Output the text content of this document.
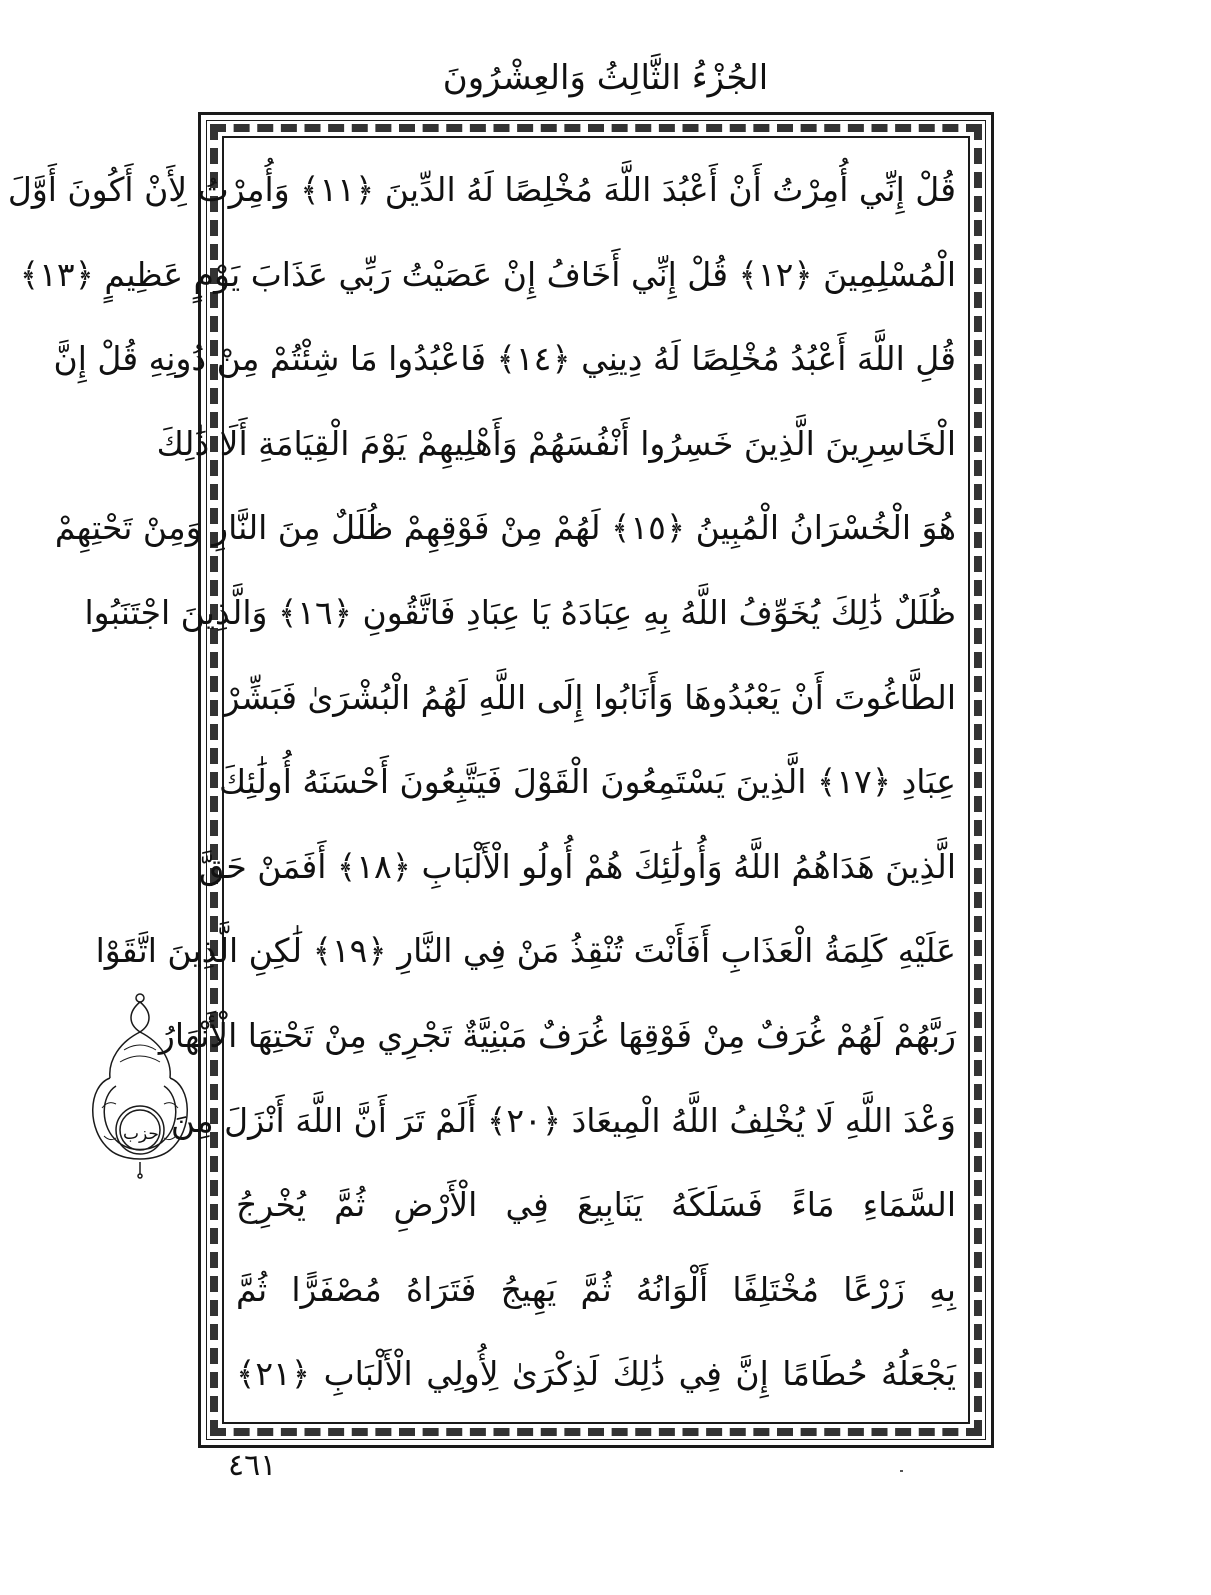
الجُزْءُ الثَّالِثُ وَالعِشْرُونَ
قُلْ إِنِّي أُمِرْتُ أَنْ أَعْبُدَ اللَّهَ مُخْلِصًا لَهُ الدِّينَ ﴿١١﴾ وَأُمِرْتُ لِأَنْ أَكُونَ أَوَّلَ
الْمُسْلِمِينَ ﴿١٢﴾ قُلْ إِنِّي أَخَافُ إِنْ عَصَيْتُ رَبِّي عَذَابَ يَوْمٍ عَظِيمٍ ﴿١٣﴾
قُلِ اللَّهَ أَعْبُدُ مُخْلِصًا لَهُ دِينِي ﴿١٤﴾ فَاعْبُدُوا مَا شِئْتُمْ مِنْ دُونِهِ قُلْ إِنَّ
الْخَاسِرِينَ الَّذِينَ خَسِرُوا أَنْفُسَهُمْ وَأَهْلِيهِمْ يَوْمَ الْقِيَامَةِ أَلَا ذَٰلِكَ
هُوَ الْخُسْرَانُ الْمُبِينُ ﴿١٥﴾ لَهُمْ مِنْ فَوْقِهِمْ ظُلَلٌ مِنَ النَّارِ وَمِنْ تَحْتِهِمْ
ظُلَلٌ ذَٰلِكَ يُخَوِّفُ اللَّهُ بِهِ عِبَادَهُ يَا عِبَادِ فَاتَّقُونِ ﴿١٦﴾ وَالَّذِينَ اجْتَنَبُوا
الطَّاغُوتَ أَنْ يَعْبُدُوهَا وَأَنَابُوا إِلَى اللَّهِ لَهُمُ الْبُشْرَىٰ فَبَشِّرْ
عِبَادِ ﴿١٧﴾ الَّذِينَ يَسْتَمِعُونَ الْقَوْلَ فَيَتَّبِعُونَ أَحْسَنَهُ أُولَٰئِكَ
الَّذِينَ هَدَاهُمُ اللَّهُ وَأُولَٰئِكَ هُمْ أُولُو الْأَلْبَابِ ﴿١٨﴾ أَفَمَنْ حَقَّ
عَلَيْهِ كَلِمَةُ الْعَذَابِ أَفَأَنْتَ تُنْقِذُ مَنْ فِي النَّارِ ﴿١٩﴾ لَٰكِنِ الَّذِينَ اتَّقَوْا
رَبَّهُمْ لَهُمْ غُرَفٌ مِنْ فَوْقِهَا غُرَفٌ مَبْنِيَّةٌ تَجْرِي مِنْ تَحْتِهَا الْأَنْهَارُ
وَعْدَ اللَّهِ لَا يُخْلِفُ اللَّهُ الْمِيعَادَ ﴿٢٠﴾ أَلَمْ تَرَ أَنَّ اللَّهَ أَنْزَلَ مِنَ
السَّمَاءِ مَاءً فَسَلَكَهُ يَنَابِيعَ فِي الْأَرْضِ ثُمَّ يُخْرِجُ
بِهِ زَرْعًا مُخْتَلِفًا أَلْوَانُهُ ثُمَّ يَهِيجُ فَتَرَاهُ مُصْفَرًّا ثُمَّ
يَجْعَلُهُ حُطَامًا إِنَّ فِي ذَٰلِكَ لَذِكْرَىٰ لِأُولِي الْأَلْبَابِ ﴿٢١﴾
حزب
٤٦١
